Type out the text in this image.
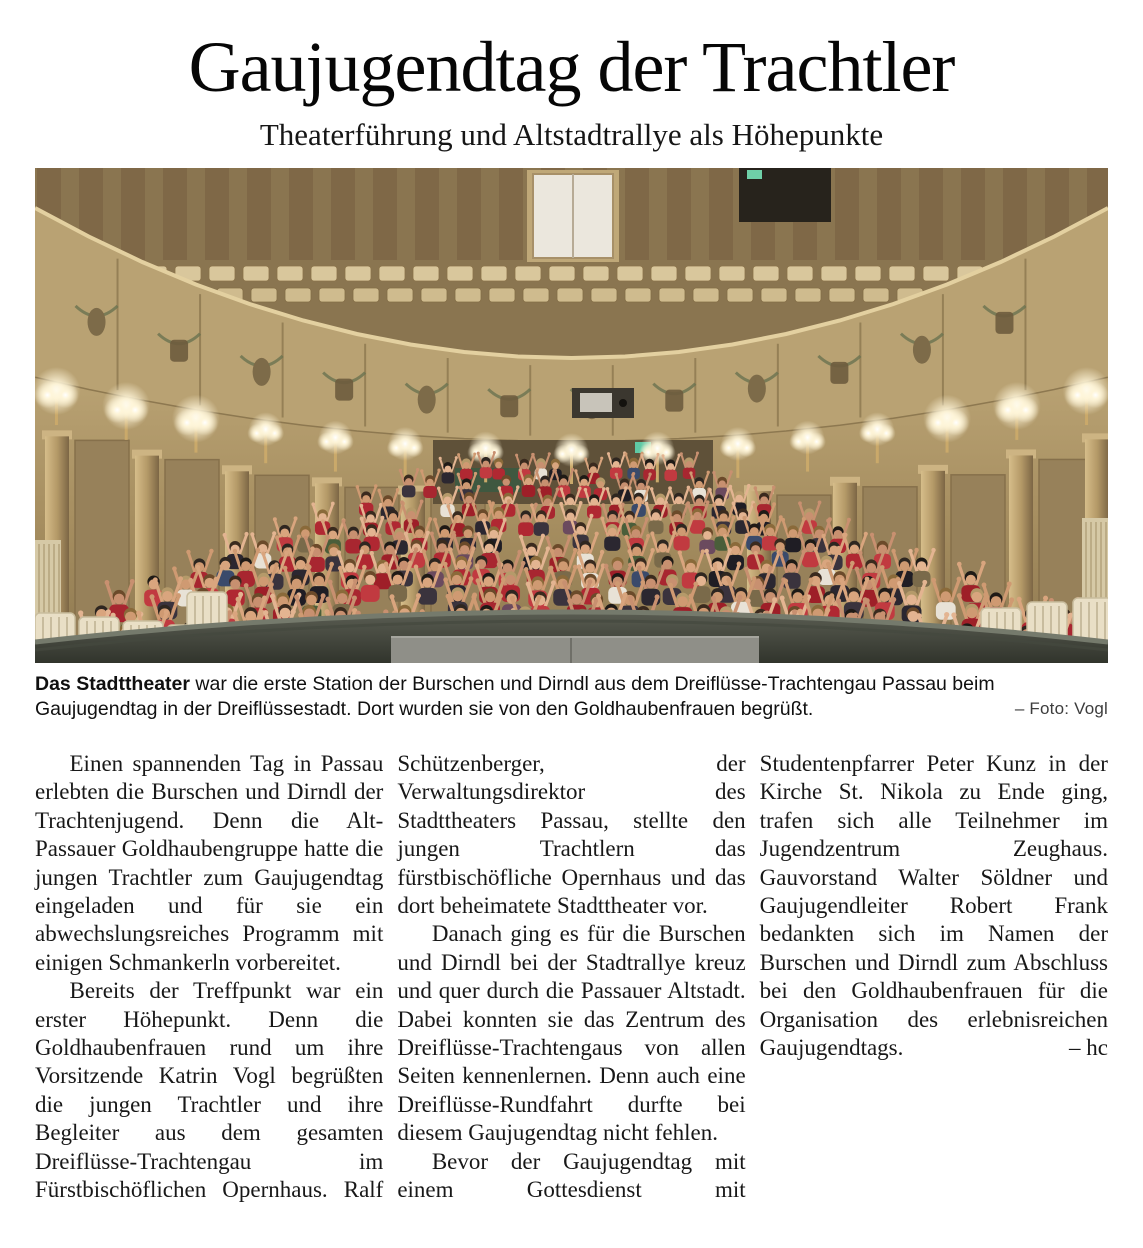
Gaujugendtag der Trachtler
Theaterführung und Altstadtrallye als Höhepunkte
Das Stadttheater war die erste Station der Burschen und Dirndl aus dem Dreiflüsse-Trachtengau Passau beim Gaujugendtag in der Dreiflüssestadt. Dort wurden sie von den Goldhaubenfrauen begrüßt.	– Foto: Vogl

Einen spannenden Tag in Passau erlebten die Burschen und Dirndl der Trachtenjugend. Denn die Alt-Passauer Goldhaubengruppe hatte die jungen Trachtler zum Gaujugendtag eingeladen und für sie ein abwechslungsreiches Programm mit einigen Schmankerln vorbereitet.

Bereits der Treffpunkt war ein erster Höhepunkt. Denn die Goldhaubenfrauen rund um ihre Vorsitzende Katrin Vogl begrüßten die jungen Trachtler und ihre Begleiter aus dem gesamten Dreiflüsse-Trachtengau im Fürstbischöflichen Opernhaus. Ralf Schützenberger, der Verwaltungsdirektor des Stadttheaters Passau, stellte den jungen Trachtlern das fürstbischöfliche Opernhaus und das dort beheimatete Stadttheater vor.

Danach ging es für die Burschen und Dirndl bei der Stadtrallye kreuz und quer durch die Passauer Altstadt. Dabei konnten sie das Zentrum des Dreiflüsse-Trachtengaus von allen Seiten kennenlernen. Denn auch eine Dreiflüsse-Rundfahrt durfte bei diesem Gaujugendtag nicht fehlen.

Bevor der Gaujugendtag mit einem Gottesdienst mit Studentenpfarrer Peter Kunz in der Kirche St. Nikola zu Ende ging, trafen sich alle Teilnehmer im Jugendzentrum Zeughaus. Gauvorstand Walter Söldner und Gaujugendleiter Robert Frank bedankten sich im Namen der Burschen und Dirndl zum Abschluss bei den Goldhaubenfrauen für die Organisation des erlebnisreichen Gaujugendtags.	– hc
